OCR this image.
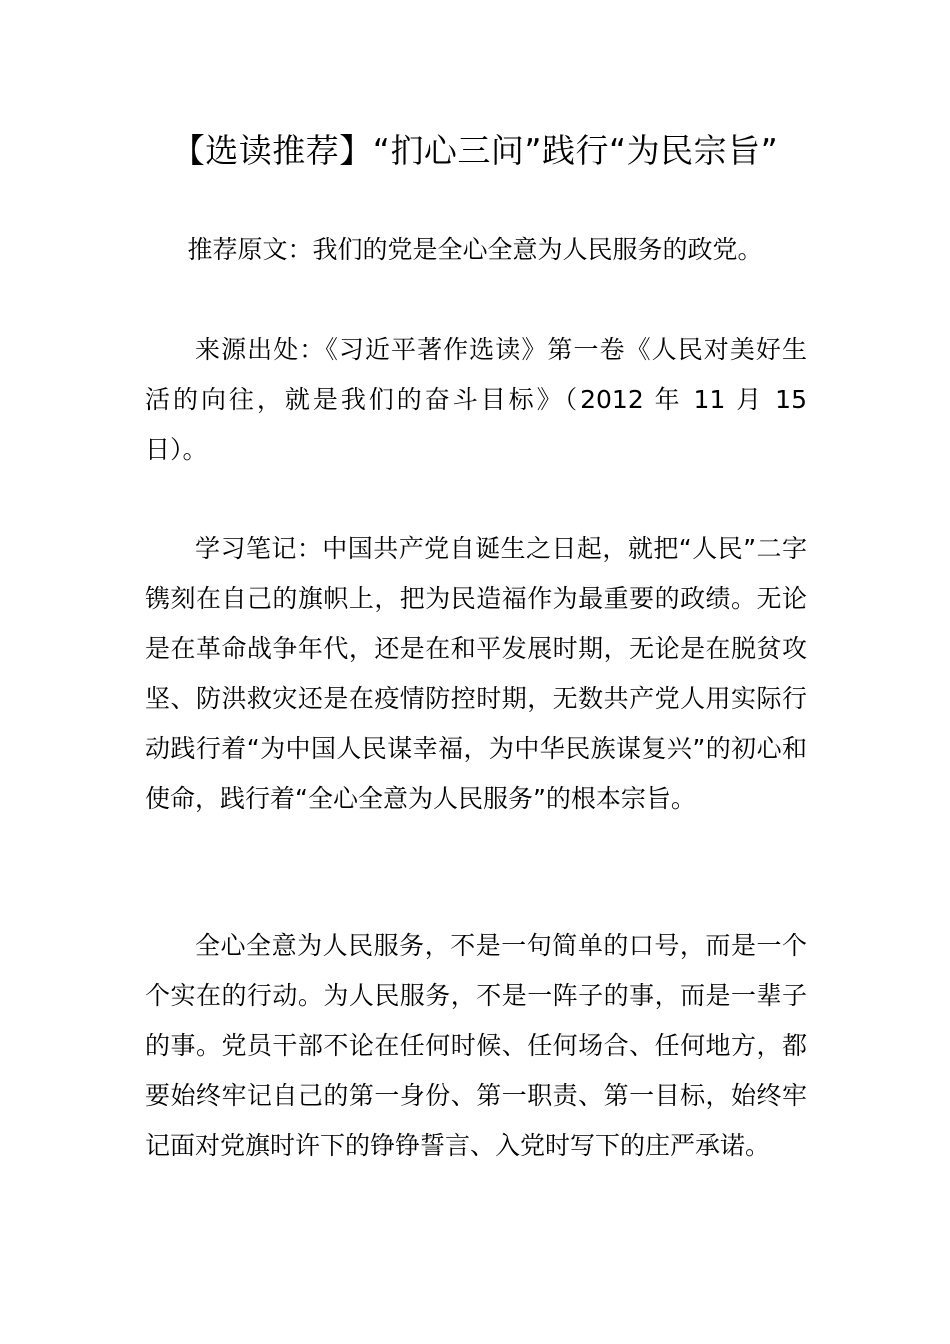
【选读推荐】“扪心三问”践行“为民宗旨”

推荐原文：我们的党是全心全意为人民服务的政党。

来源出处：《习近平著作选读》第一卷《人民对美好生活的向往，就是我们的奋斗目标》（2012 年 11 月 15 日）。

学习笔记：中国共产党自诞生之日起，就把“人民”二字镌刻在自己的旗帜上，把为民造福作为最重要的政绩。无论是在革命战争年代，还是在和平发展时期，无论是在脱贫攻坚、防洪救灾还是在疫情防控时期，无数共产党人用实际行动践行着“为中国人民谋幸福，为中华民族谋复兴”的初心和使命，践行着“全心全意为人民服务”的根本宗旨。

全心全意为人民服务，不是一句简单的口号，而是一个个实在的行动。为人民服务，不是一阵子的事，而是一辈子的事。党员干部不论在任何时候、任何场合、任何地方，都要始终牢记自己的第一身份、第一职责、第一目标，始终牢记面对党旗时许下的铮铮誓言、入党时写下的庄严承诺。
